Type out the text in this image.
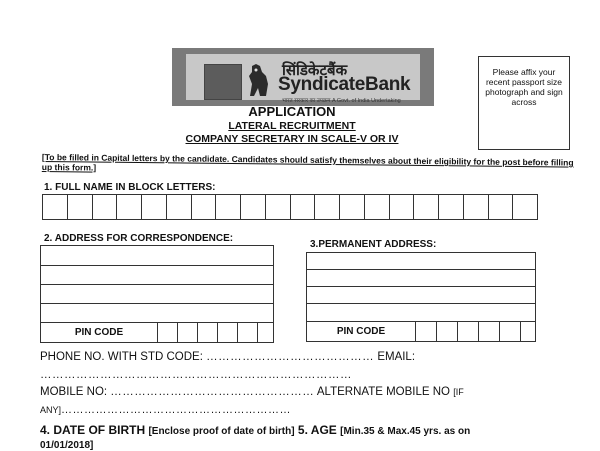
सिंडिकेटबैंक
SyndicateBank
भारत सरकार का उपक्रम A Govt. of India Undertaking
Please affix your recent passport size photograph and sign across
APPLICATION
LATERAL RECRUITMENT
COMPANY SECRETARY IN SCALE-V OR IV
[To be filled in Capital letters by the candidate. Candidates should satisfy themselves about their eligibility for the post before filling up this form.]
1. FULL NAME IN BLOCK LETTERS:
2. ADDRESS FOR CORRESPONDENCE:
PIN CODE
3.PERMANENT ADDRESS:
PIN CODE
PHONE NO. WITH STD CODE: …………………………………… EMAIL:
……………………………………………………………………
MOBILE NO: …………………………………………… ALTERNATE MOBILE NO [IF
ANY]……………………………………………………
4. DATE OF BIRTH [Enclose proof of date of birth] 5. AGE [Min.35 & Max.45 yrs. as on
01/01/2018]
